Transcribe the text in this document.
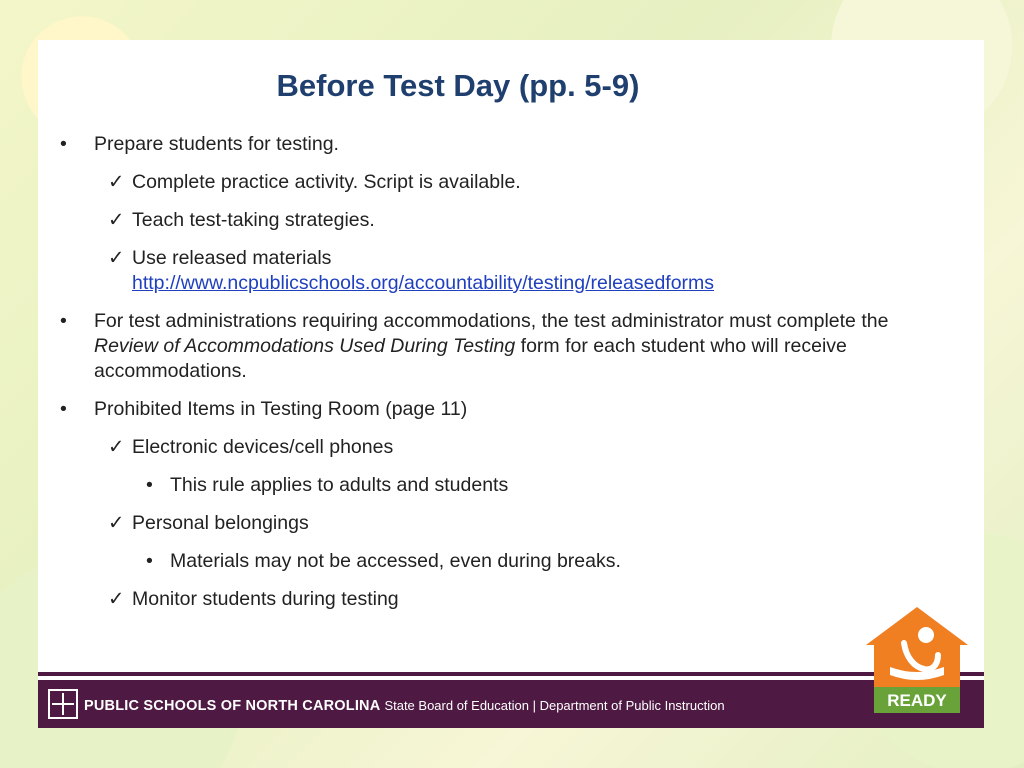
Before Test Day (pp. 5-9)
• Prepare students for testing.
✓ Complete practice activity. Script is available.
✓ Teach test-taking strategies.
✓ Use released materials
http://www.ncpublicschools.org/accountability/testing/releasedforms
• For test administrations requiring accommodations, the test administrator must complete the Review of Accommodations Used During Testing form for each student who will receive accommodations.
• Prohibited Items in Testing Room (page 11)
✓ Electronic devices/cell phones
• This rule applies to adults and students
✓ Personal belongings
• Materials may not be accessed, even during breaks.
✓ Monitor students during testing
PUBLIC SCHOOLS OF NORTH CAROLINA State Board of Education | Department of Public Instruction	READY
